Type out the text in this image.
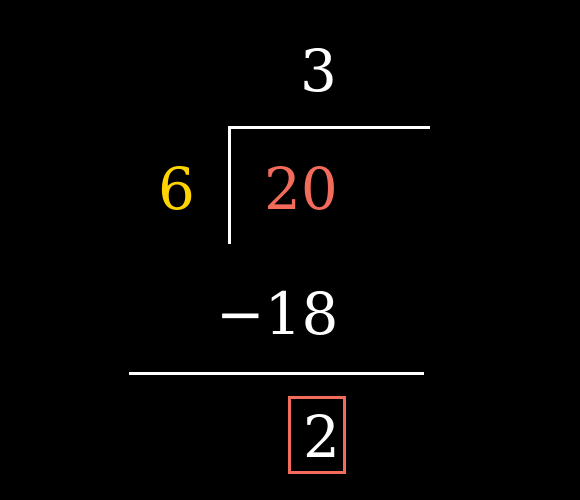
3
6 20
−18
2
